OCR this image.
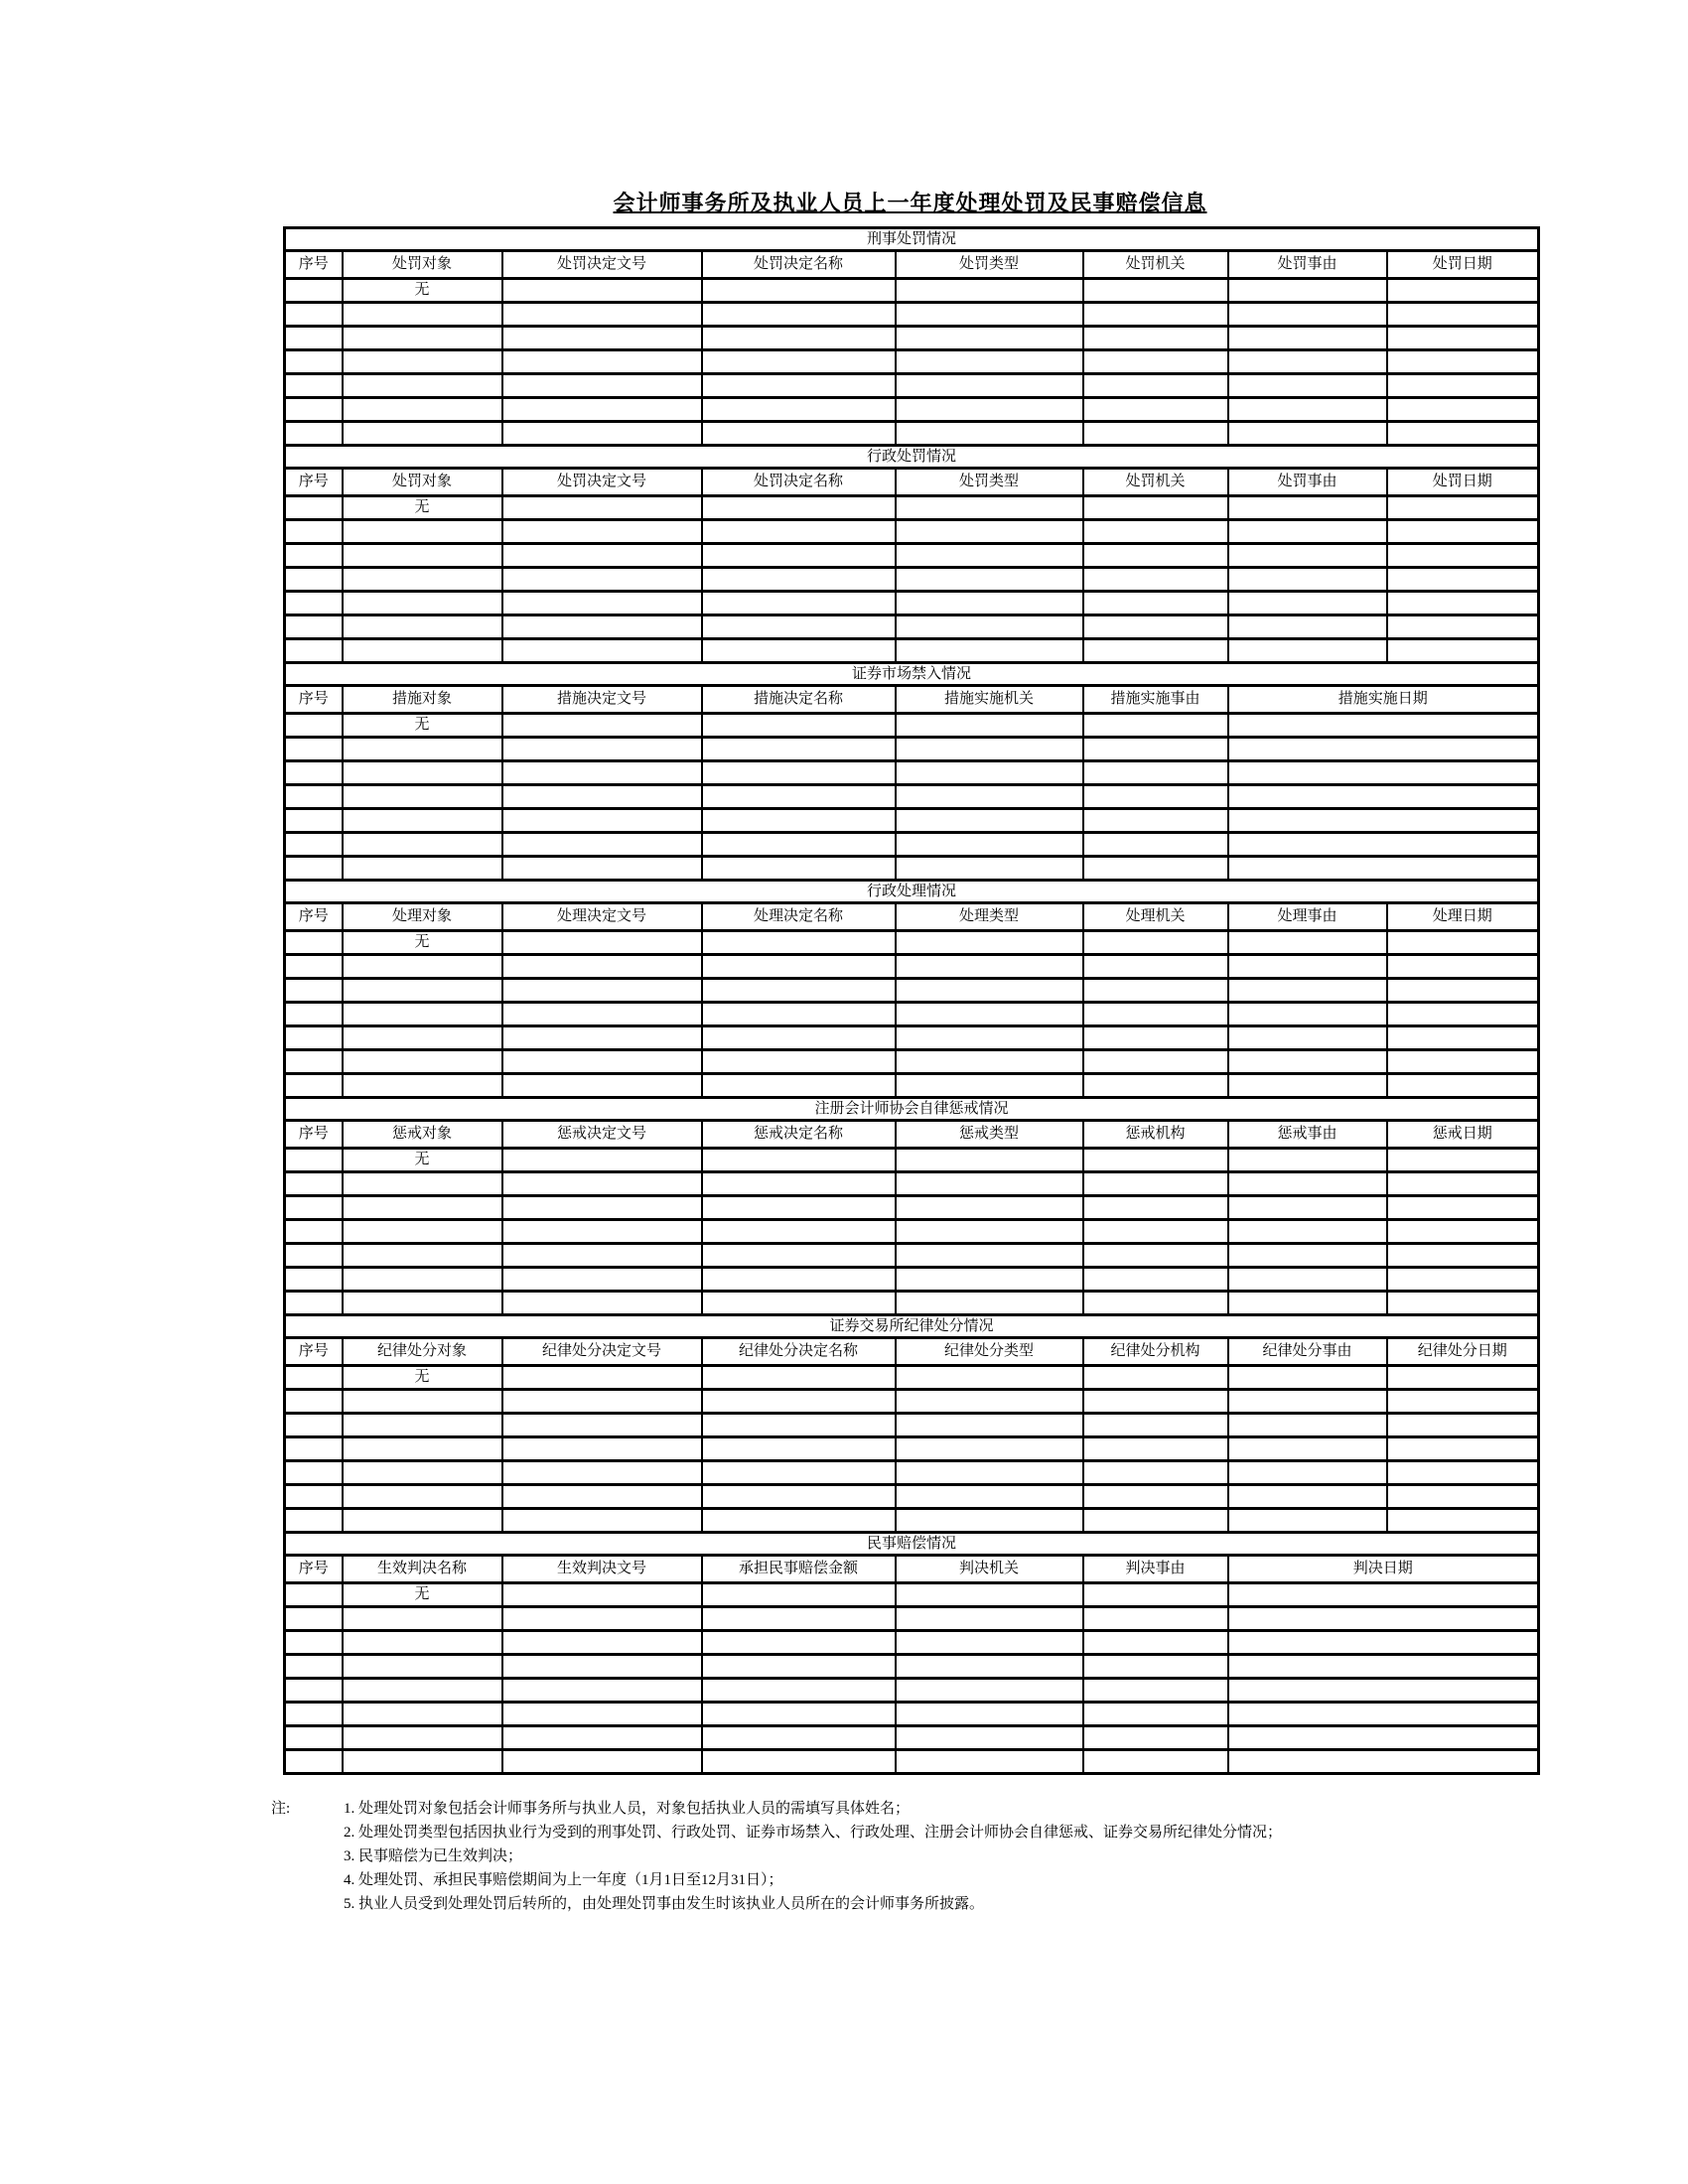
会计师事务所及执业人员上一年度处理处罚及民事赔偿信息
刑事处罚情况							
序号	处罚对象	处罚决定文号	处罚决定名称	处罚类型	处罚机关	处罚事由	处罚日期
	无						

行政处罚情况							
序号	处罚对象	处罚决定文号	处罚决定名称	处罚类型	处罚机关	处罚事由	处罚日期
	无						

证券市场禁入情况							
序号	措施对象	措施决定文号	措施决定名称	措施实施机关	措施实施事由	措施实施日期	
	无						

行政处理情况							
序号	处理对象	处理决定文号	处理决定名称	处理类型	处理机关	处理事由	处理日期
	无						

注册会计师协会自律惩戒情况							
序号	惩戒对象	惩戒决定文号	惩戒决定名称	惩戒类型	惩戒机构	惩戒事由	惩戒日期
	无						

证券交易所纪律处分情况							
序号	纪律处分对象	纪律处分决定文号	纪律处分决定名称	纪律处分类型	纪律处分机构	纪律处分事由	纪律处分日期
	无						

民事赔偿情况							
序号	生效判决名称	生效判决文号	承担民事赔偿金额	判决机关	判决事由	判决日期	
	无						

注:	1. 处理处罚对象包括会计师事务所与执业人员，对象包括执业人员的需填写具体姓名；
2. 处理处罚类型包括因执业行为受到的刑事处罚、行政处罚、证券市场禁入、行政处理、注册会计师协会自律惩戒、证券交易所纪律处分情况；
3. 民事赔偿为已生效判决；
4. 处理处罚、承担民事赔偿期间为上一年度（1月1日至12月31日）；
5. 执业人员受到处理处罚后转所的，由处理处罚事由发生时该执业人员所在的会计师事务所披露。
